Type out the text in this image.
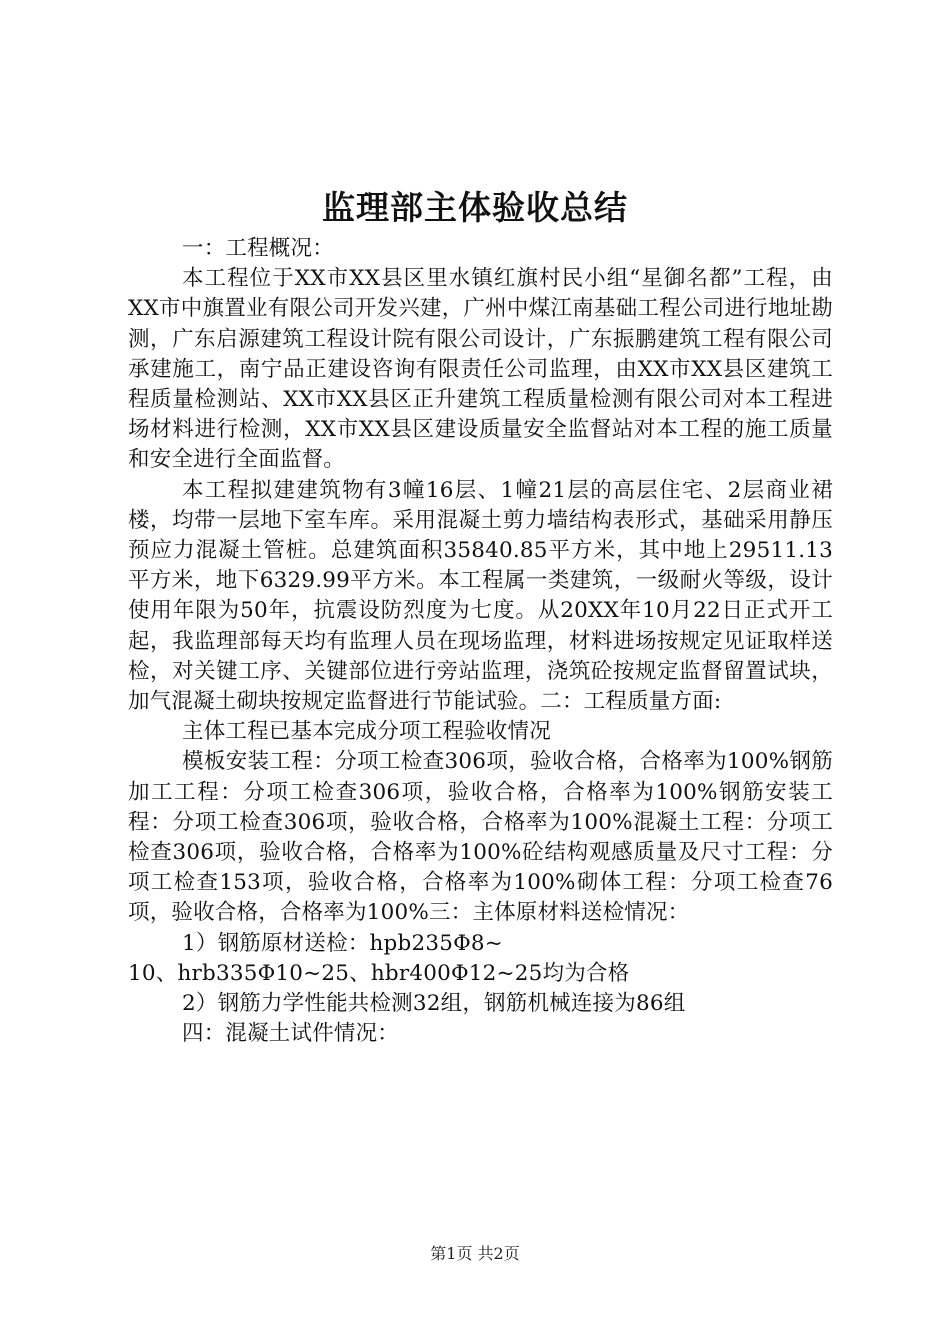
监理部主体验收总结

一：工程概况：

本工程位于XX市XX县区里水镇红旗村民小组“星御名都”工程，由XX市中旗置业有限公司开发兴建，广州中煤江南基础工程公司进行地址勘测，广东启源建筑工程设计院有限公司设计，广东振鹏建筑工程有限公司承建施工，南宁品正建设咨询有限责任公司监理，由XX市XX县区建筑工程质量检测站、XX市XX县区正升建筑工程质量检测有限公司对本工程进场材料进行检测，XX市XX县区建设质量安全监督站对本工程的施工质量和安全进行全面监督。

本工程拟建建筑物有3幢16层、1幢21层的高层住宅、2层商业裙楼，均带一层地下室车库。采用混凝土剪力墙结构表形式，基础采用静压预应力混凝土管桩。总建筑面积35840.85平方米，其中地上29511.13平方米，地下6329.99平方米。本工程属一类建筑，一级耐火等级，设计使用年限为50年，抗震设防烈度为七度。从20XX年10月22日正式开工起，我监理部每天均有监理人员在现场监理，材料进场按规定见证取样送检，对关键工序、关键部位进行旁站监理，浇筑砼按规定监督留置试块，加气混凝土砌块按规定监督进行节能试验。二：工程质量方面:

主体工程已基本完成分项工程验收情况

模板安装工程：分项工检查306项，验收合格，合格率为100%钢筋加工工程：分项工检查306项，验收合格，合格率为100%钢筋安装工程：分项工检查306项，验收合格，合格率为100%混凝土工程：分项工检查306项，验收合格，合格率为100%砼结构观感质量及尺寸工程：分项工检查153项，验收合格，合格率为100%砌体工程：分项工检查76项，验收合格，合格率为100%三：主体原材料送检情况：

1）钢筋原材送检：hpb235Φ8~

10、hrb335Φ10~25、hbr400Φ12~25均为合格

2）钢筋力学性能共检测32组，钢筋机械连接为86组

四：混凝土试件情况：

第1页 共2页
